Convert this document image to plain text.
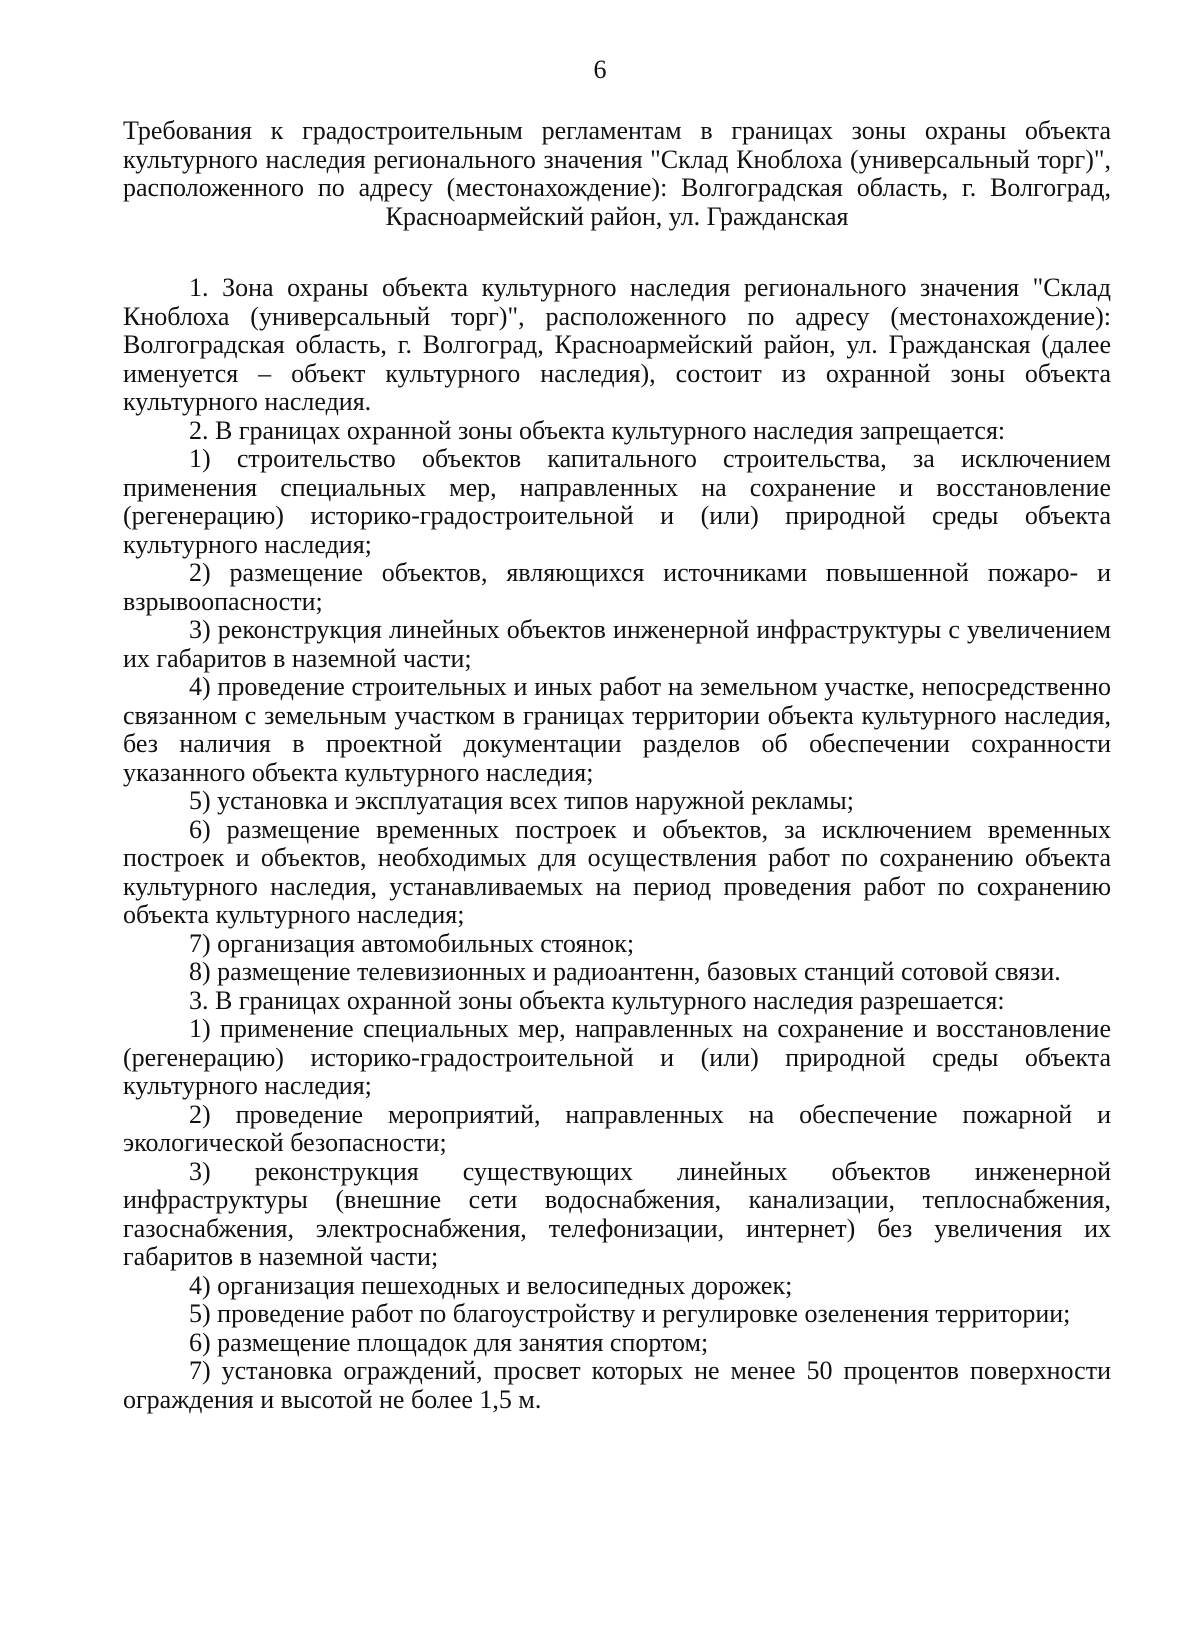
6
Требования к градостроительным регламентам в границах зоны охраны объекта культурного наследия регионального значения "Склад Кноблоха (универсальный торг)", расположенного по адресу (местонахождение): Волгоградская область, г. Волгоград, Красноармейский район, ул. Гражданская

1. Зона охраны объекта культурного наследия регионального значения "Склад Кноблоха (универсальный торг)", расположенного по адресу (местонахождение): Волгоградская область, г. Волгоград, Красноармейский район, ул. Гражданская (далее именуется – объект культурного наследия), состоит из охранной зоны объекта культурного наследия.

2. В границах охранной зоны объекта культурного наследия запрещается:

1) строительство объектов капитального строительства, за исключением применения специальных мер, направленных на сохранение и восстановление (регенерацию) историко-градостроительной и (или) природной среды объекта культурного наследия;

2) размещение объектов, являющихся источниками повышенной пожаро- и взрывоопасности;

3) реконструкция линейных объектов инженерной инфраструктуры с увеличением их габаритов в наземной части;

4) проведение строительных и иных работ на земельном участке, непосредственно связанном с земельным участком в границах территории объекта культурного наследия, без наличия в проектной документации разделов об обеспечении сохранности указанного объекта культурного наследия;

5) установка и эксплуатация всех типов наружной рекламы;

6) размещение временных построек и объектов, за исключением временных построек и объектов, необходимых для осуществления работ по сохранению объекта культурного наследия, устанавливаемых на период проведения работ по сохранению объекта культурного наследия;

7) организация автомобильных стоянок;

8) размещение телевизионных и радиоантенн, базовых станций сотовой связи.

3. В границах охранной зоны объекта культурного наследия разрешается:

1) применение специальных мер, направленных на сохранение и восстановление (регенерацию) историко-градостроительной и (или) природной среды объекта культурного наследия;

2) проведение мероприятий, направленных на обеспечение пожарной и экологической безопасности;

3) реконструкция существующих линейных объектов инженерной инфраструктуры (внешние сети водоснабжения, канализации, теплоснабжения, газоснабжения, электроснабжения, телефонизации, интернет) без увеличения их габаритов в наземной части;

4) организация пешеходных и велосипедных дорожек;

5) проведение работ по благоустройству и регулировке озеленения территории;

6) размещение площадок для занятия спортом;

7) установка ограждений, просвет которых не менее 50 процентов поверхности ограждения и высотой не более 1,5 м.
